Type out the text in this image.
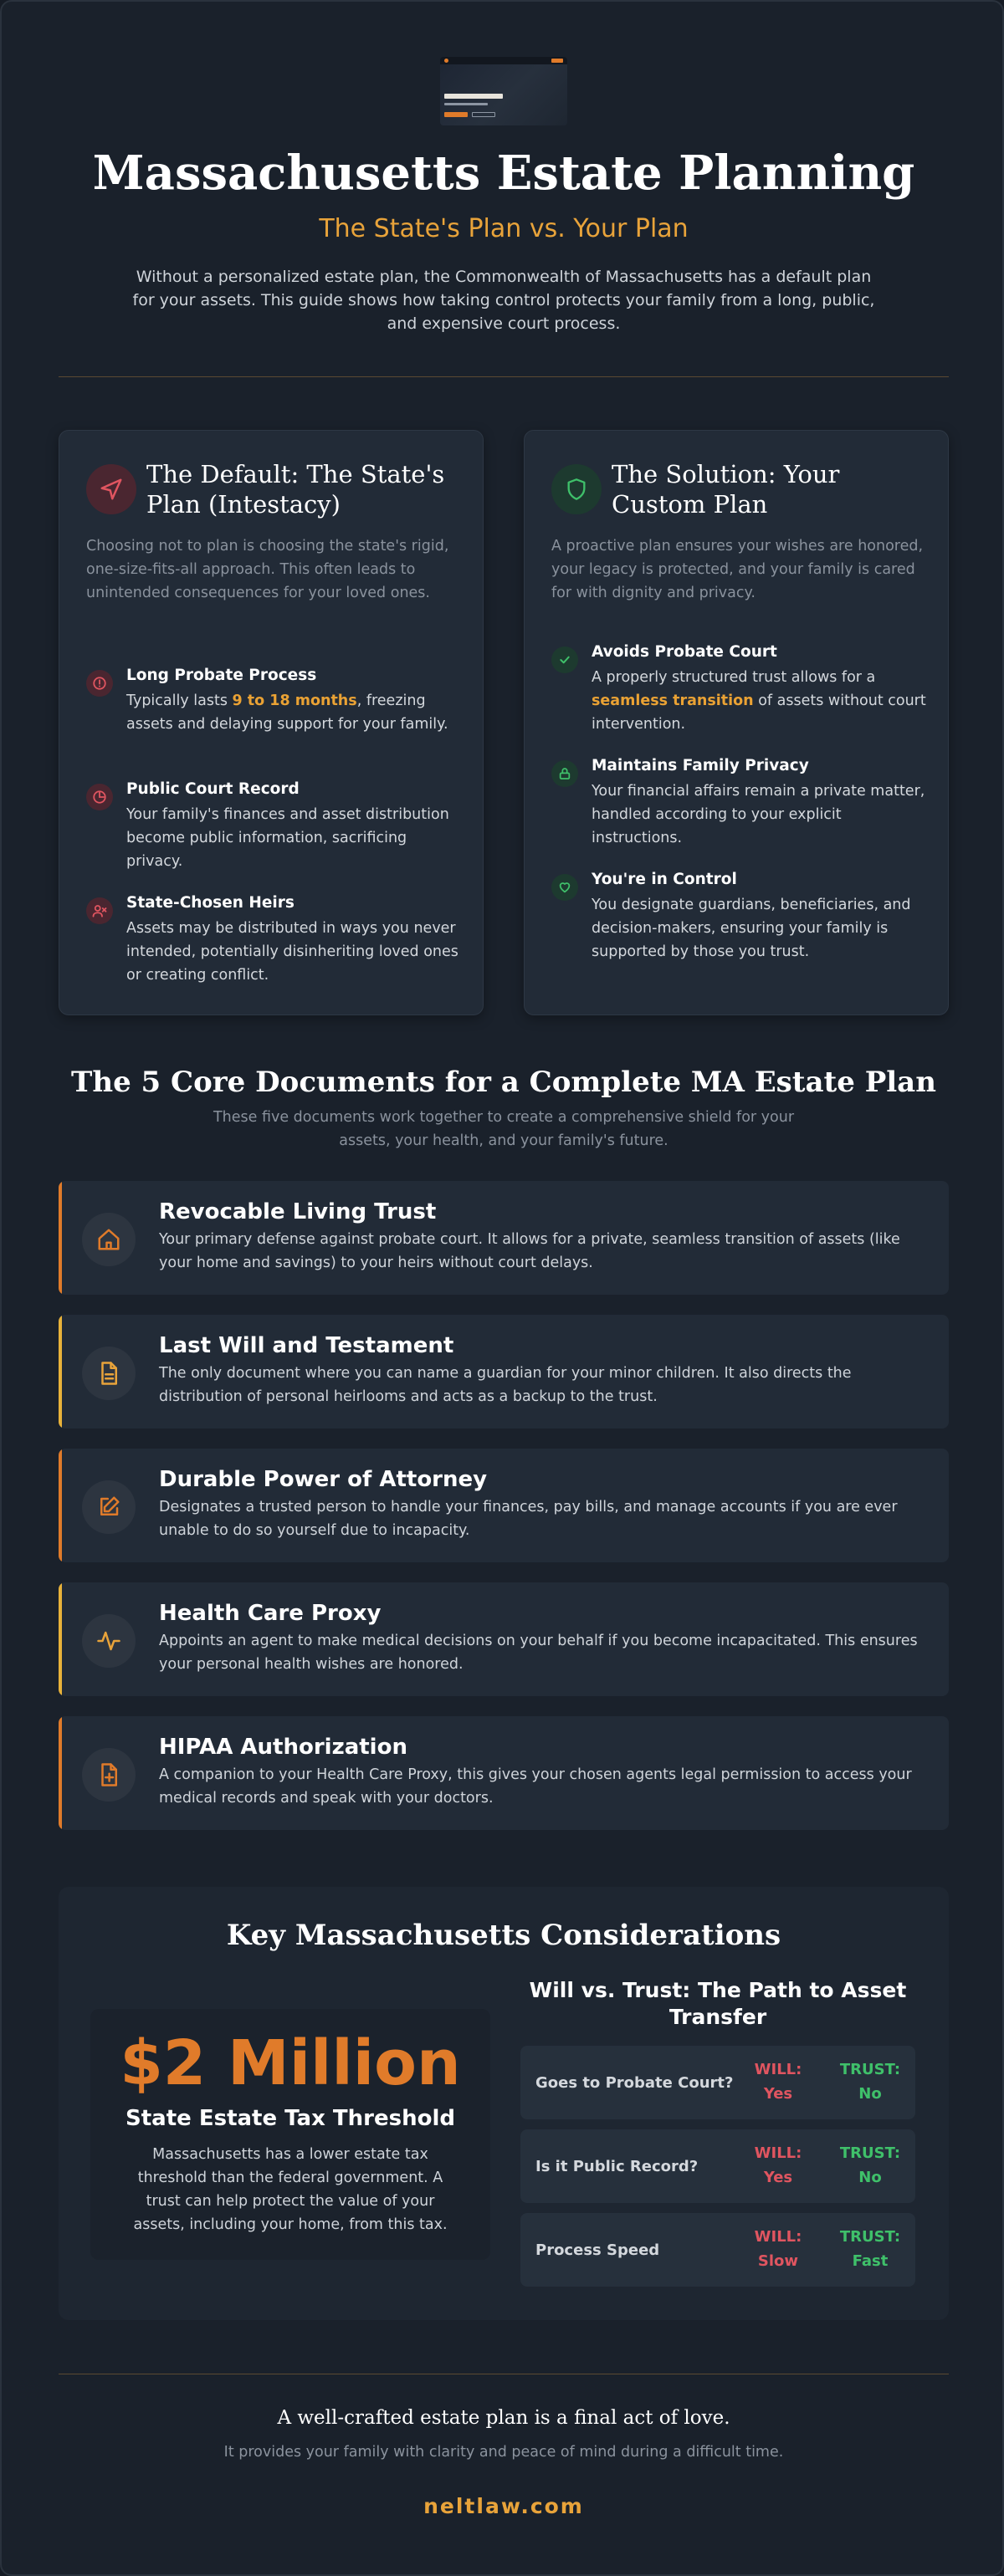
Massachusetts Estate Planning
The State's Plan vs. Your Plan

Without a personalized estate plan, the Commonwealth of Massachusetts has a default plan for your assets. This guide shows how taking control protects your family from a long, public, and expensive court process.

The Default: The State's Plan (Intestacy)
Choosing not to plan is choosing the state's rigid, one-size-fits-all approach. This often leads to unintended consequences for your loved ones.
Long Probate Process
Typically lasts 9 to 18 months, freezing assets and delaying support for your family.
Public Court Record
Your family's finances and asset distribution become public information, sacrificing privacy.
State-Chosen Heirs
Assets may be distributed in ways you never intended, potentially disinheriting loved ones or creating conflict.
The Solution: Your Custom Plan
A proactive plan ensures your wishes are honored, your legacy is protected, and your family is cared for with dignity and privacy.
Avoids Probate Court
A properly structured trust allows for a seamless transition of assets without court intervention.
Maintains Family Privacy
Your financial affairs remain a private matter, handled according to your explicit instructions.
You're in Control
You designate guardians, beneficiaries, and decision-makers, ensuring your family is supported by those you trust.
The 5 Core Documents for a Complete MA Estate Plan

These five documents work together to create a comprehensive shield for your assets, your health, and your family's future.

Revocable Living Trust
Your primary defense against probate court. It allows for a private, seamless transition of assets (like your home and savings) to your heirs without court delays.
Last Will and Testament
The only document where you can name a guardian for your minor children. It also directs the distribution of personal heirlooms and acts as a backup to the trust.
Durable Power of Attorney
Designates a trusted person to handle your finances, pay bills, and manage accounts if you are ever unable to do so yourself due to incapacity.
Health Care Proxy
Appoints an agent to make medical decisions on your behalf if you become incapacitated. This ensures your personal health wishes are honored.
HIPAA Authorization
A companion to your Health Care Proxy, this gives your chosen agents legal permission to access your medical records and speak with your doctors.
Key Massachusetts Considerations
$2 Million
State Estate Tax Threshold
Massachusetts has a lower estate tax threshold than the federal government. A trust can help protect the value of your assets, including your home, from this tax.
Will vs. Trust: The Path to Asset Transfer
Goes to Probate Court?
WILL:
Yes
TRUST:
No
Is it Public Record?
WILL:
Yes
TRUST:
No
Process Speed
WILL:
Slow
TRUST:
Fast
A well-crafted estate plan is a final act of love.
It provides your family with clarity and peace of mind during a difficult time.
neltlaw.com
